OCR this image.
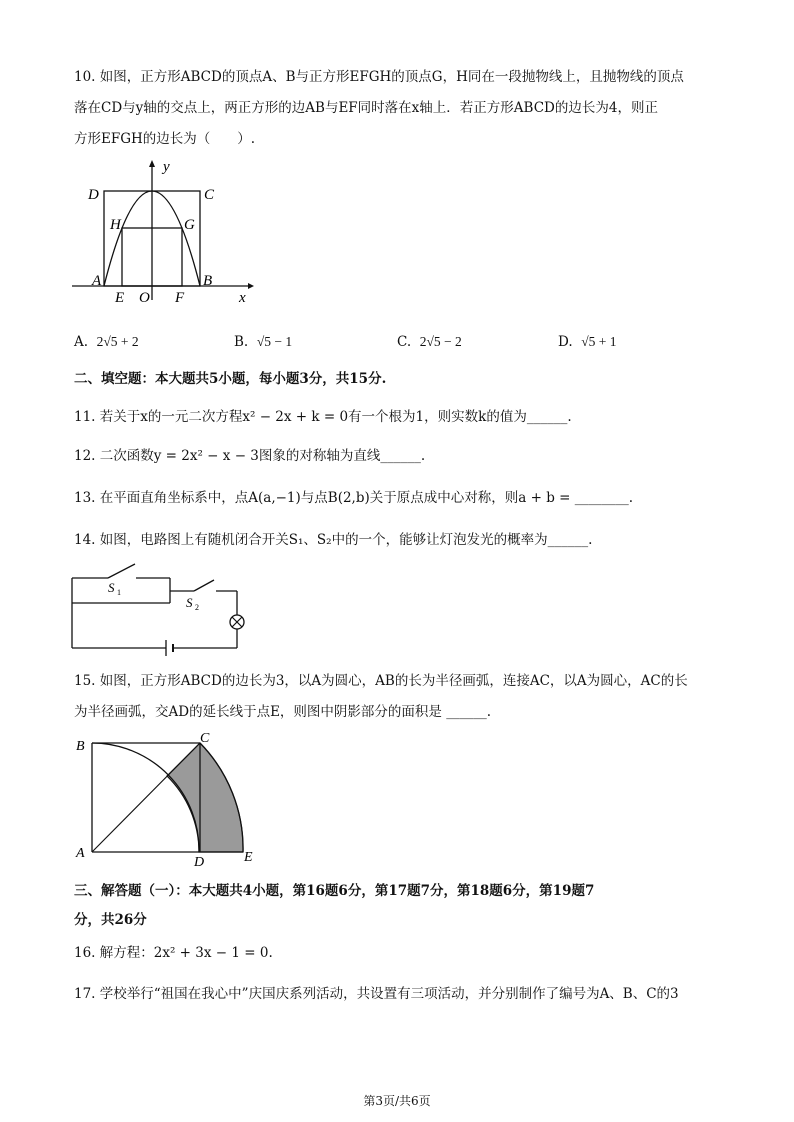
10. 如图，正方形ABCD的顶点A、B与正方形EFGH的顶点G，H同在一段抛物线上，且抛物线的顶点
落在CD与y轴的交点上，两正方形的边AB与EF同时落在x轴上．若正方形ABCD的边长为4，则正
方形EFGH的边长为（　　）.
y
D	C
H	G
A	B
E O F	x
A. 2√5 + 2	B. √5 − 1	C. 2√5 − 2	D. √5 + 1
二、填空题：本大题共5小题，每小题3分，共15分.
11. 若关于x的一元二次方程x² − 2x + k = 0有一个根为1，则实数k的值为______.
12. 二次函数y = 2x² − x − 3图象的对称轴为直线______.
13. 在平面直角坐标系中，点A(a,−1)与点B(2,b)关于原点成中心对称，则a + b = ________.
14. 如图，电路图上有随机闭合开关S₁、S₂中的一个，能够让灯泡发光的概率为______.
S 1
S 2
15. 如图，正方形ABCD的边长为3，以A为圆心，AB的长为半径画弧，连接AC，以A为圆心，AC的长
为半径画弧，交AD的延长线于点E，则图中阴影部分的面积是 ______.
B
C
A
D	E
三、解答题（一）：本大题共4小题，第16题6分，第17题7分，第18题6分，第19题7
分，共26分
16. 解方程：2x² + 3x − 1 = 0.
17. 学校举行“祖国在我心中”庆国庆系列活动，共设置有三项活动，并分别制作了编号为A、B、C的3
第3页/共6页
